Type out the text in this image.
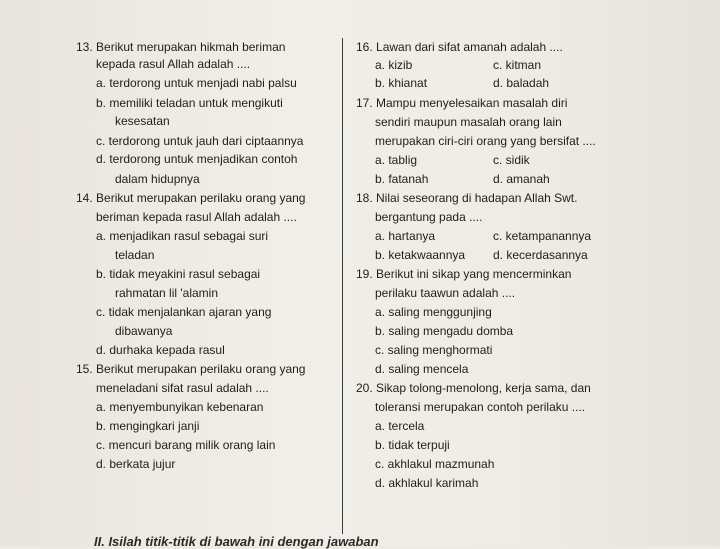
13. Berikut merupakan hikmah beriman
kepada rasul Allah adalah ....
a. terdorong untuk menjadi nabi palsu
b. memiliki teladan untuk mengikuti
kesesatan
c. terdorong untuk jauh dari ciptaannya
d. terdorong untuk menjadikan contoh
dalam hidupnya
14. Berikut merupakan perilaku orang yang
beriman kepada rasul Allah adalah ....
a. menjadikan rasul sebagai suri
teladan
b. tidak meyakini rasul sebagai
rahmatan lil 'alamin
c. tidak menjalankan ajaran yang
dibawanya
d. durhaka kepada rasul
15. Berikut merupakan perilaku orang yang
meneladani sifat rasul adalah ....
a. menyembunyikan kebenaran
b. mengingkari janji
c. mencuri barang milik orang lain
d. berkata jujur
16. Lawan dari sifat amanah adalah ....
a. kizib	c. kitman
b. khianat	d. baladah
17. Mampu menyelesaikan masalah diri
sendiri maupun masalah orang lain
merupakan ciri-ciri orang yang bersifat ....
a. tablig	c. sidik
b. fatanah	d. amanah
18. Nilai seseorang di hadapan Allah Swt.
bergantung pada ....
a. hartanya	c. ketampanannya
b. ketakwaannya d. kecerdasannya
19. Berikut ini sikap yang mencerminkan
perilaku taawun adalah ....
a. saling menggunjing
b. saling mengadu domba
c. saling menghormati
d. saling mencela
20. Sikap tolong-menolong, kerja sama, dan
toleransi merupakan contoh perilaku ....
a. tercela
b. tidak terpuji
c. akhlakul mazmunah
d. akhlakul karimah
II. Isilah titik-titik di bawah ini dengan jawaban
